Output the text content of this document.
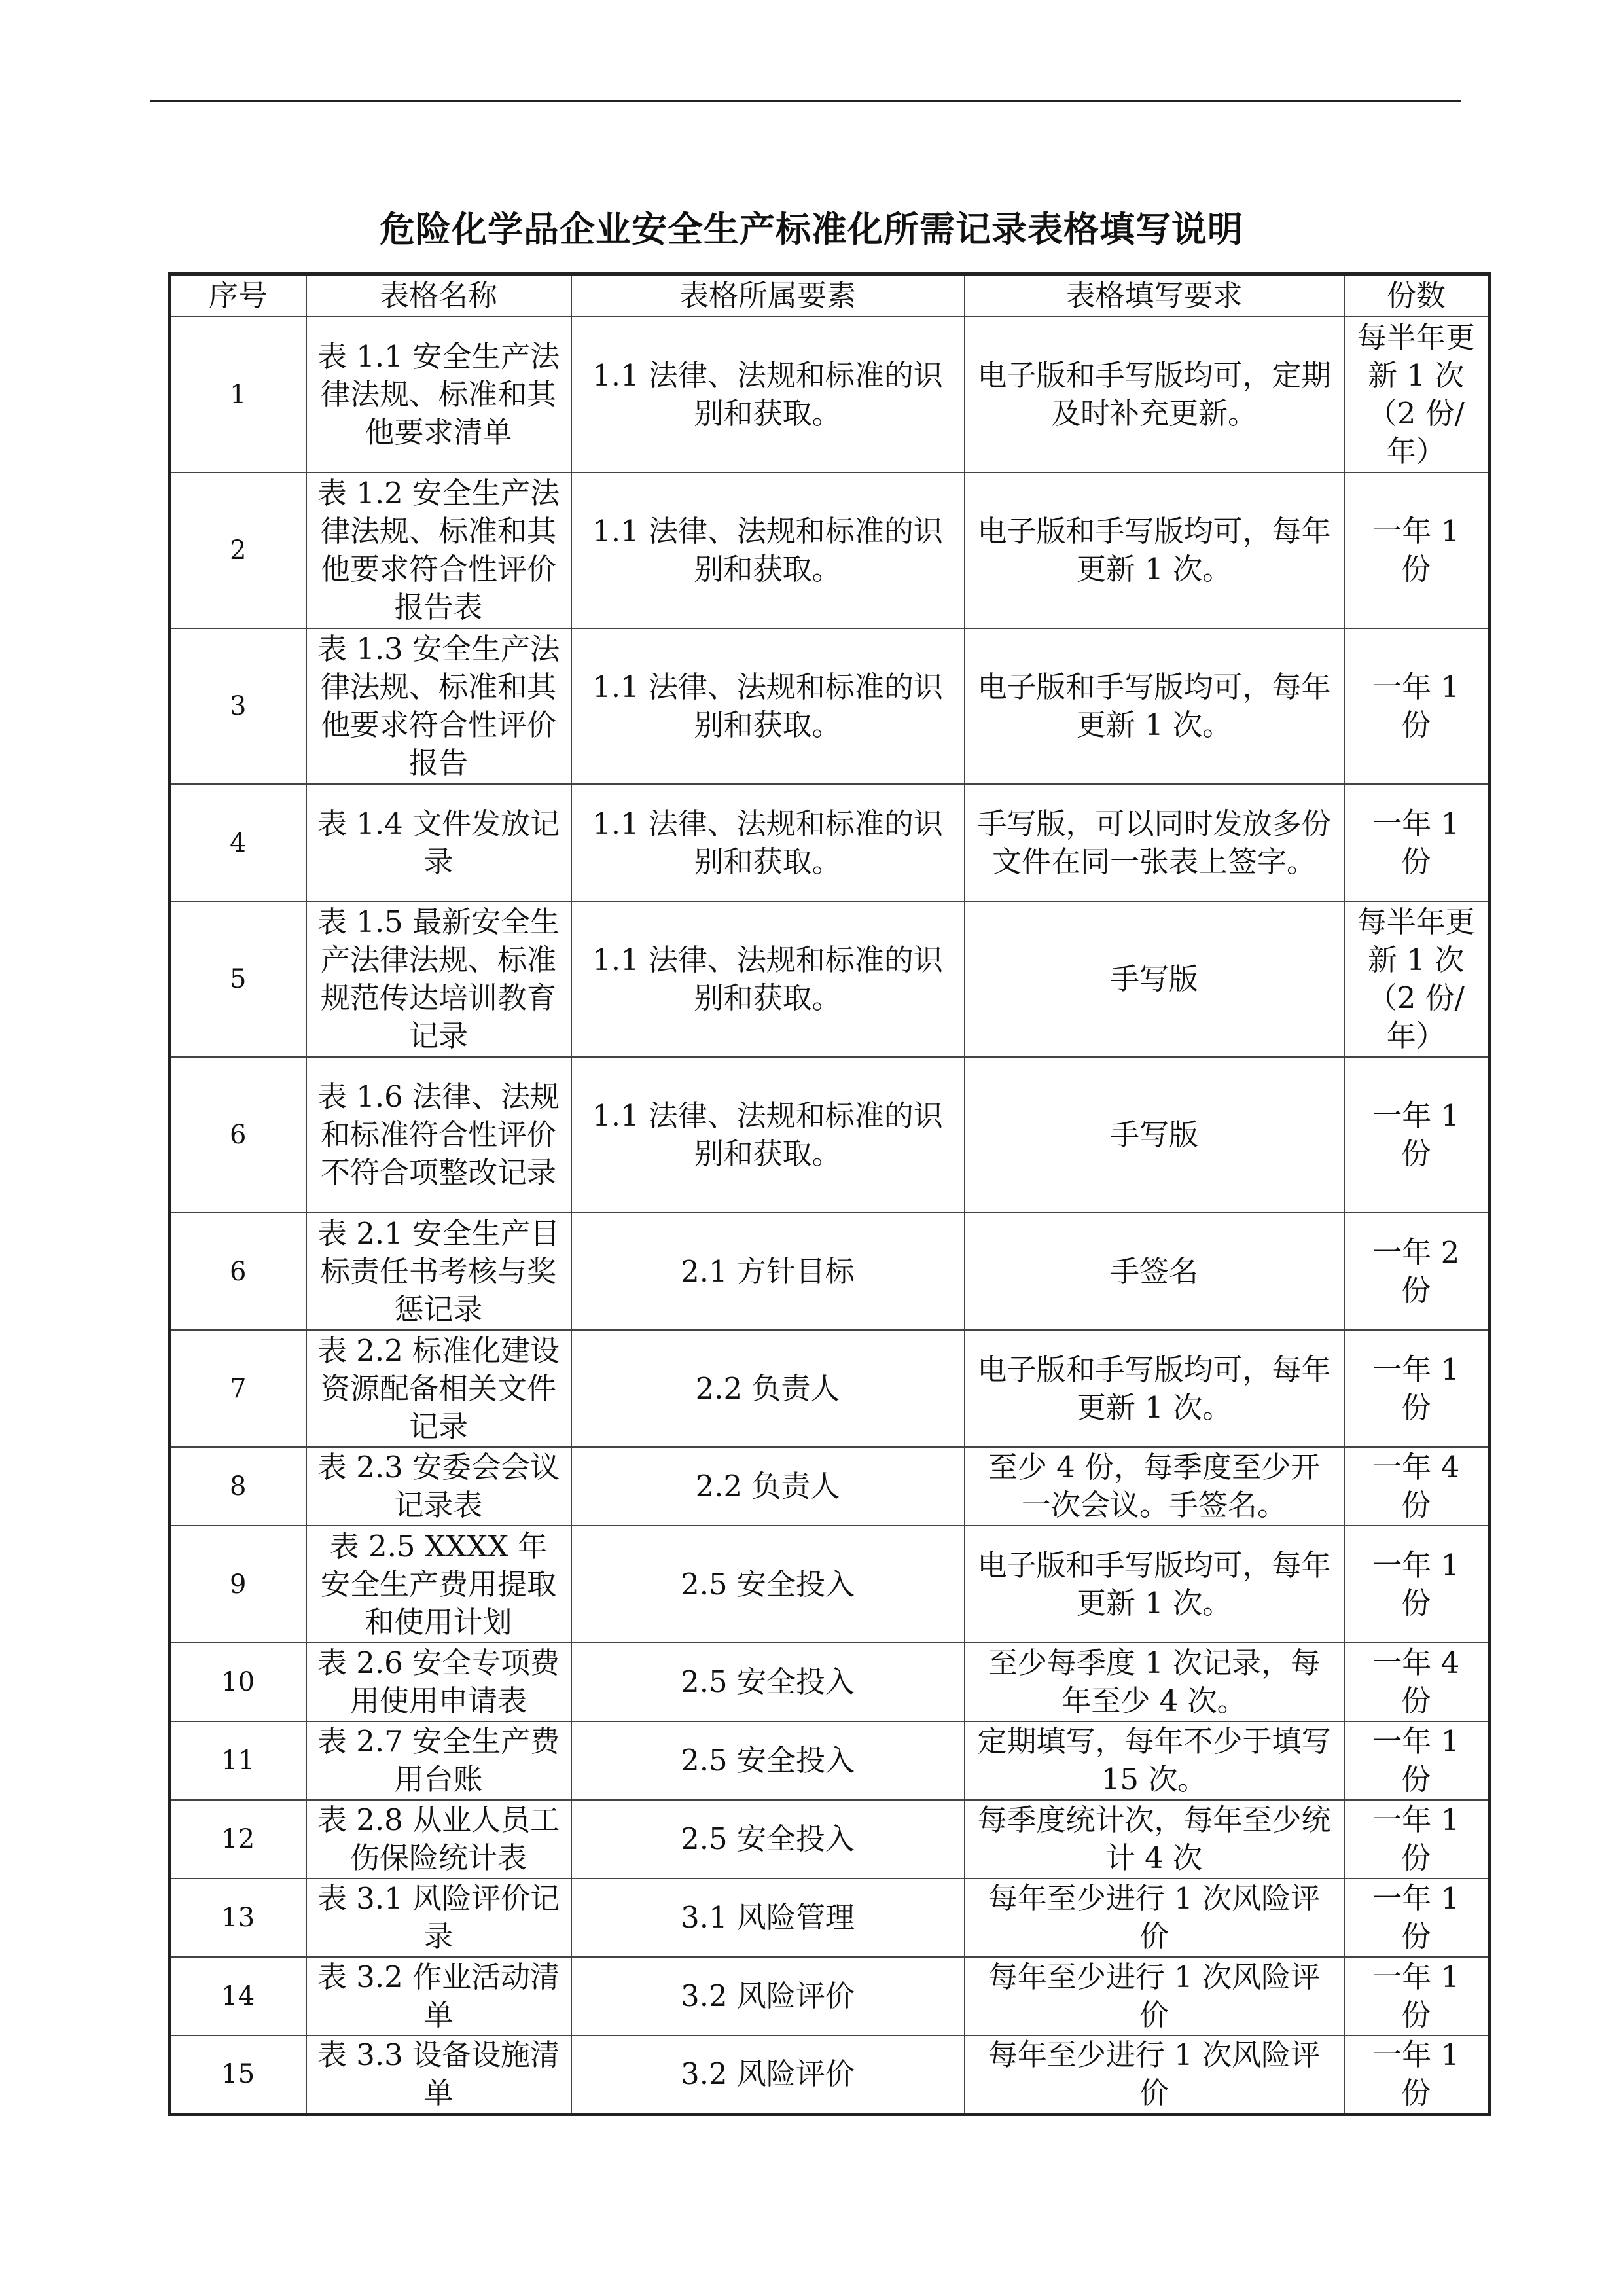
危险化学品企业安全生产标准化所需记录表格填写说明
序号	表格名称	表格所属要素	表格填写要求	份数
1	表 1.1 安全生产法律法规、标准和其他要求清单	1.1 法律、法规和标准的识别和获取。	电子版和手写版均可，定期及时补充更新。	每半年更新 1 次（2 份/年）
2	表 1.2 安全生产法律法规、标准和其他要求符合性评价报告表	1.1 法律、法规和标准的识别和获取。	电子版和手写版均可，每年更新 1 次。	一年 1 份
3	表 1.3 安全生产法律法规、标准和其他要求符合性评价报告	1.1 法律、法规和标准的识别和获取。	电子版和手写版均可，每年更新 1 次。	一年 1 份
4	表 1.4 文件发放记录	1.1 法律、法规和标准的识别和获取。	手写版，可以同时发放多份文件在同一张表上签字。	一年 1 份
5	表 1.5 最新安全生产法律法规、标准规范传达培训教育记录	1.1 法律、法规和标准的识别和获取。	手写版	每半年更新 1 次（2 份/年）
6	表 1.6 法律、法规和标准符合性评价不符合项整改记录	1.1 法律、法规和标准的识别和获取。	手写版	一年 1 份
6	表 2.1 安全生产目标责任书考核与奖惩记录	2.1 方针目标	手签名	一年 2 份
7	表 2.2 标准化建设资源配备相关文件记录	2.2 负责人	电子版和手写版均可，每年更新 1 次。	一年 1 份
8	表 2.3 安委会会议记录表	2.2 负责人	至少 4 份，每季度至少开一次会议。手签名。	一年 4 份
9	表 2.5 XXXX 年安全生产费用提取和使用计划	2.5 安全投入	电子版和手写版均可，每年更新 1 次。	一年 1 份
10	表 2.6 安全专项费用使用申请表	2.5 安全投入	至少每季度 1 次记录，每年至少 4 次。	一年 4 份
11	表 2.7 安全生产费用台账	2.5 安全投入	定期填写，每年不少于填写 15 次。	一年 1 份
12	表 2.8 从业人员工伤保险统计表	2.5 安全投入	每季度统计次，每年至少统计 4 次	一年 1 份
13	表 3.1 风险评价记录	3.1 风险管理	每年至少进行 1 次风险评价	一年 1 份
14	表 3.2 作业活动清单	3.2 风险评价	每年至少进行 1 次风险评价	一年 1 份
15	表 3.3 设备设施清单	3.2 风险评价	每年至少进行 1 次风险评价	一年 1 份
